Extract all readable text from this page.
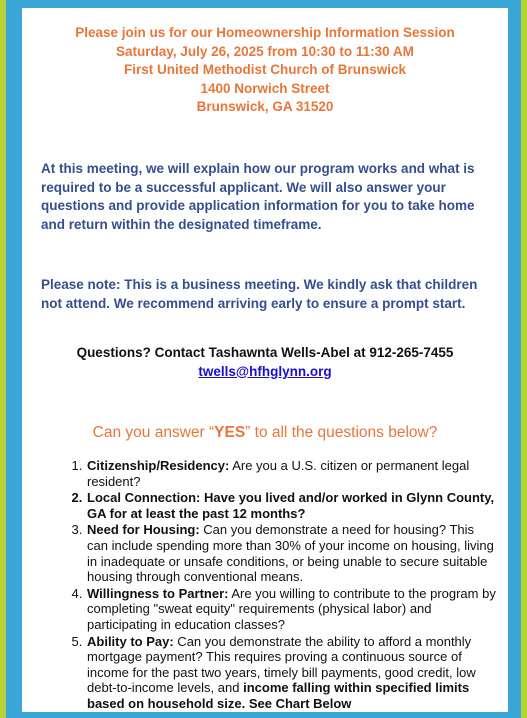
Please join us for our Homeownership Information Session
Saturday, July 26, 2025 from 10:30 to 11:30 AM
First United Methodist Church of Brunswick
1400 Norwich Street
Brunswick, GA 31520
At this meeting, we will explain how our program works and what is required to be a successful applicant. We will also answer your questions and provide application information for you to take home and return within the designated timeframe.
Please note: This is a business meeting. We kindly ask that children not attend. We recommend arriving early to ensure a prompt start.
Questions? Contact Tashawnta Wells-Abel at 912-265-7455
twells@hfhglynn.org
Can you answer “YES” to all the questions below?
1. Citizenship/Residency: Are you a U.S. citizen or permanent legal resident?
2. Local Connection: Have you lived and/or worked in Glynn County, GA for at least the past 12 months?
3. Need for Housing: Can you demonstrate a need for housing? This can include spending more than 30% of your income on housing, living in inadequate or unsafe conditions, or being unable to secure suitable housing through conventional means.
4. Willingness to Partner: Are you willing to contribute to the program by completing "sweat equity" requirements (physical labor) and participating in education classes?
5. Ability to Pay: Can you demonstrate the ability to afford a monthly mortgage payment? This requires proving a continuous source of income for the past two years, timely bill payments, good credit, low debt-to-income levels, and income falling within specified limits based on household size. See Chart Below
